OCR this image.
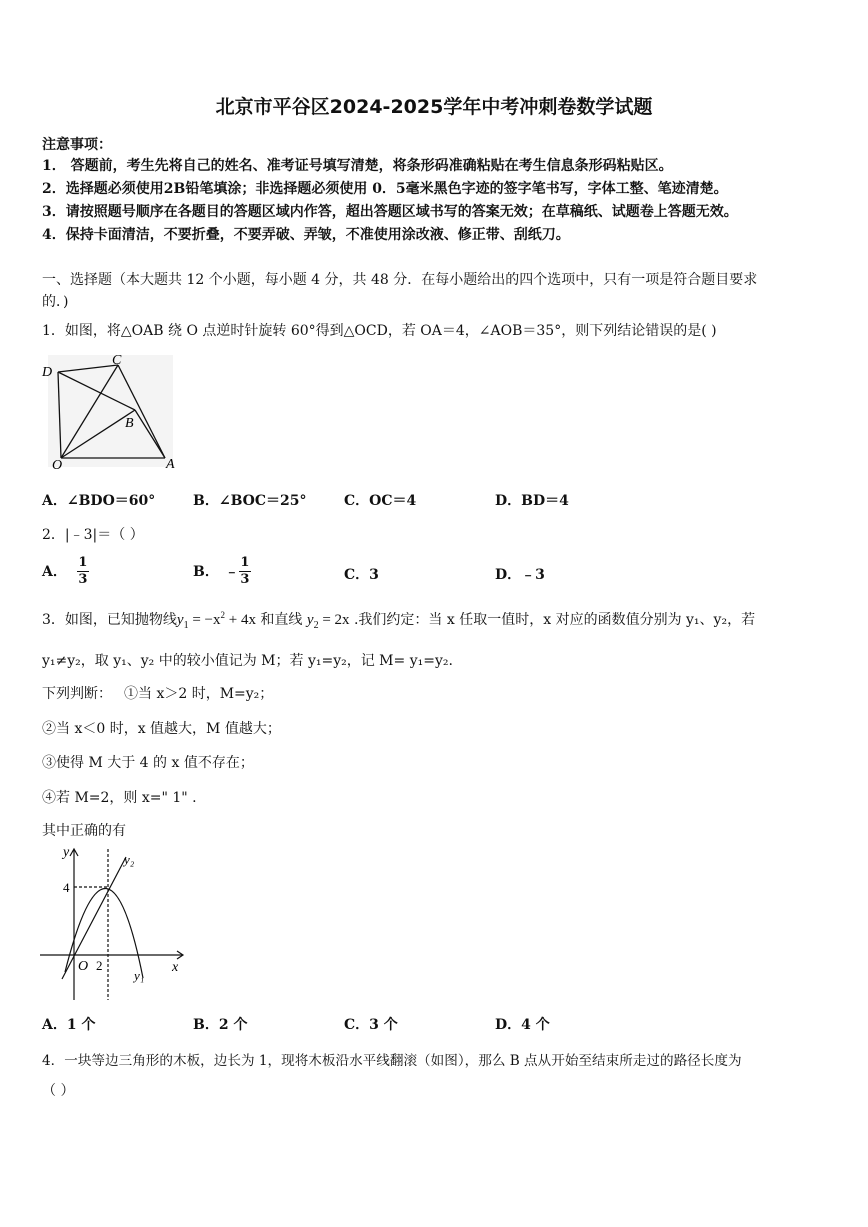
北京市平谷区2024-2025学年中考冲刺卷数学试题
注意事项：
1． 答题前，考生先将自己的姓名、准考证号填写清楚，将条形码准确粘贴在考生信息条形码粘贴区。
2．选择题必须使用2B铅笔填涂；非选择题必须使用 0．5毫米黑色字迹的签字笔书写，字体工整、笔迹清楚。
3．请按照题号顺序在各题目的答题区域内作答，超出答题区域书写的答案无效；在草稿纸、试题卷上答题无效。
4．保持卡面清洁，不要折叠，不要弄破、弄皱，不准使用涂改液、修正带、刮纸刀。
一、选择题（本大题共 12 个小题，每小题 4 分，共 48 分．在每小题给出的四个选项中，只有一项是符合题目要求
的．)
1．如图，将△OAB 绕 O 点逆时针旋转 60°得到△OCD，若 OA＝4，∠AOB＝35°，则下列结论错误的是( )
D
C
B
O	A
A．∠BDO＝60°	B．∠BOC＝25°	C．OC＝4	D．BD＝4
2．|﹣3|＝（ ）
A． $\frac{1}{3}$	B． ﹣ $\frac{1}{3}$	C．3	D．﹣3
3．如图，已知抛物线$y_1 = -x^2 + 4x$ 和直线 $y_2 = 2x$ .我们约定：当 x 任取一值时，x 对应的函数值分别为 y₁、y₂，若
y₁≠y₂，取 y₁、y₂ 中的较小值记为 M；若 y₁=y₂，记 M= y₁=y₂.
下列判断： ①当 x＞2 时，M=y₂；
②当 x＜0 时，x 值越大，M 值越大；
③使得 M 大于 4 的 x 值不存在；
④若 M=2，则 x=" 1" .
其中正确的有
y	y₂
4
O 2	x
y₁
A．1 个	B．2 个	C．3 个	D．4 个
4．一块等边三角形的木板，边长为 1，现将木板沿水平线翻滚（如图），那么 B 点从开始至结束所走过的路径长度为
（ ）
